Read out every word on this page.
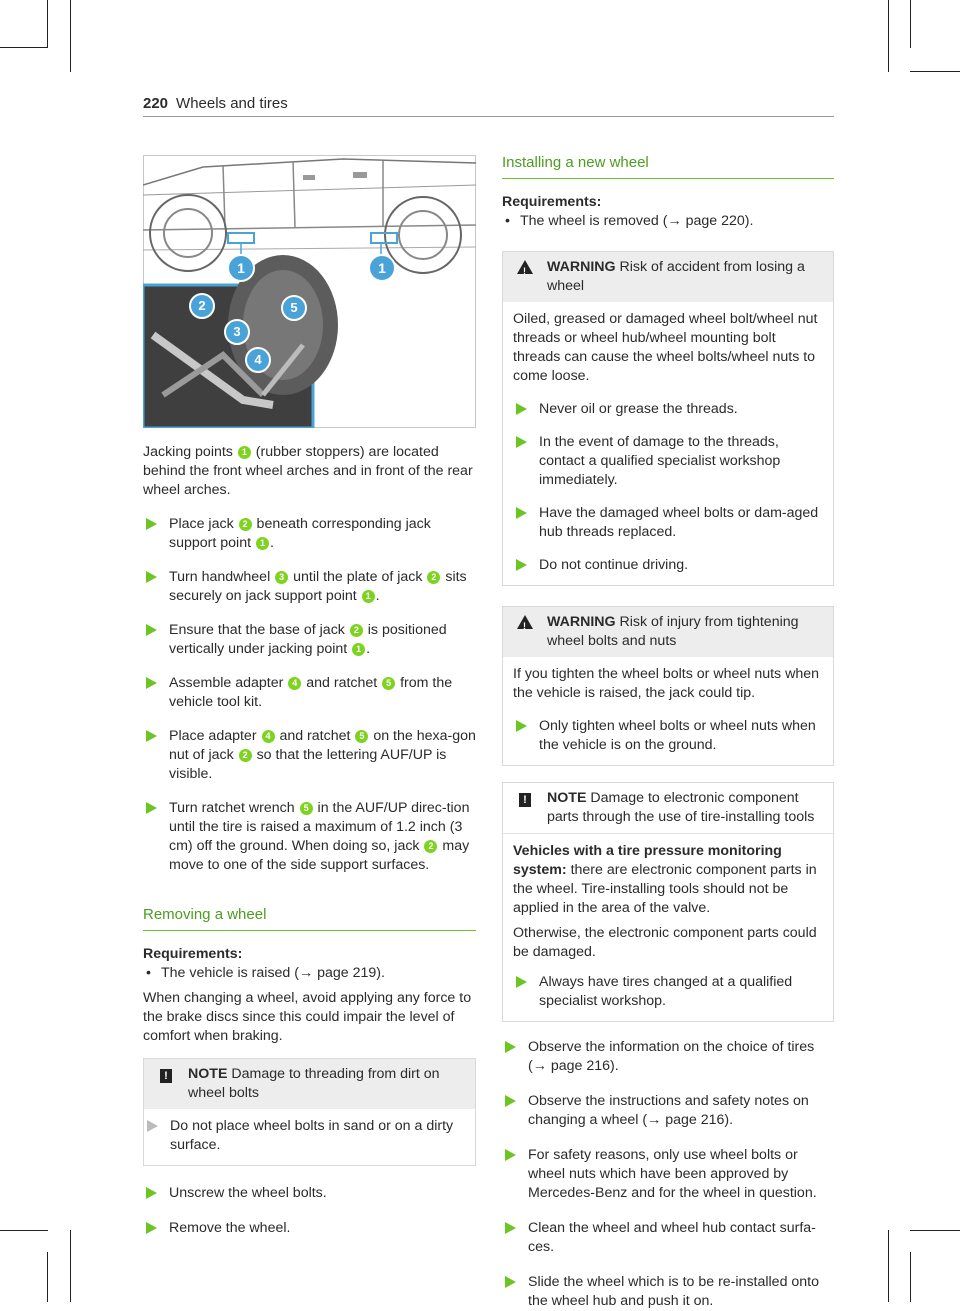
220 Wheels and tires
1	1
2
3
4
5

Jacking points 1 (rubber stoppers) are located behind the front wheel arches and in front of the rear wheel arches.

Place jack 2 beneath corresponding jack support point 1 .
Turn handwheel 3 until the plate of jack 2 sits securely on jack support point 1 .
Ensure that the base of jack 2 is positioned vertically under jacking point 1 .
Assemble adapter 4 and ratchet 5 from the vehicle tool kit.
Place adapter 4 and ratchet 5 on the hexa-gon nut of jack 2 so that the lettering AUF/UP is visible.
Turn ratchet wrench 5 in the AUF/UP direc-tion until the tire is raised a maximum of 1.2 inch (3 cm) off the ground. When doing so, jack 2 may move to one of the side support surfaces.
Removing a wheel

Requirements:

• The vehicle is raised (→ page 219).

When changing a wheel, avoid applying any force to the brake discs since this could impair the level of comfort when braking.

! NOTE Damage to threading from dirt on wheel bolts
Do not place wheel bolts in sand or on a dirty surface.
Unscrew the wheel bolts.
Remove the wheel.
Installing a new wheel

Requirements:

• The wheel is removed (→ page 220).

!
WARNING Risk of accident from losing a wheel

Oiled, greased or damaged wheel bolt/wheel nut threads or wheel hub/wheel mounting bolt threads can cause the wheel bolts/wheel nuts to come loose.

Never oil or grease the threads.
In the event of damage to the threads, contact a qualified specialist workshop immediately.
Have the damaged wheel bolts or dam-aged hub threads replaced.
Do not continue driving.
!
WARNING Risk of injury from tightening wheel bolts and nuts

If you tighten the wheel bolts or wheel nuts when the vehicle is raised, the jack could tip.

Only tighten wheel bolts or wheel nuts when the vehicle is on the ground.
! NOTE Damage to electronic component parts through the use of tire-installing tools

Vehicles with a tire pressure monitoring system: there are electronic component parts in the wheel. Tire-installing tools should not be applied in the area of the valve.

Otherwise, the electronic component parts could be damaged.

Always have tires changed at a qualified specialist workshop.
Observe the information on the choice of tires (→ page 216).
Observe the instructions and safety notes on changing a wheel (→ page 216).
For safety reasons, only use wheel bolts or wheel nuts which have been approved by Mercedes-Benz and for the wheel in question.
Clean the wheel and wheel hub contact surfa-ces.
Slide the wheel which is to be re-installed onto the wheel hub and push it on.
